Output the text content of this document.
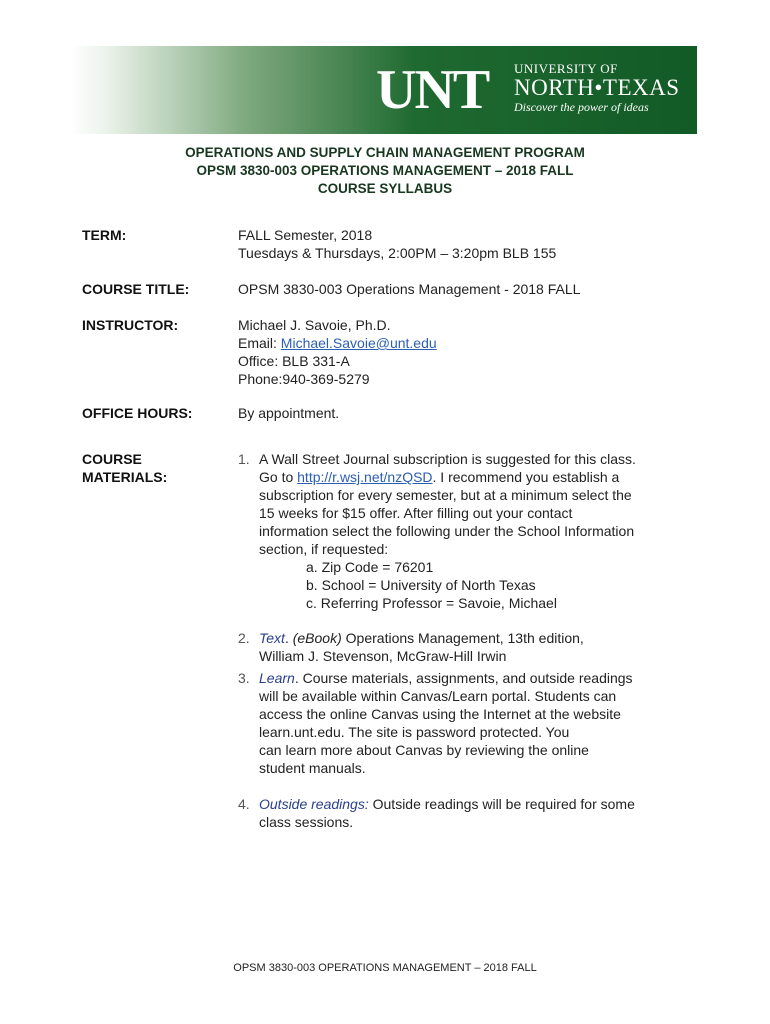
UNT UNIVERSITY OF
NORTH•TEXAS
Discover the power of ideas
OPERATIONS AND SUPPLY CHAIN MANAGEMENT PROGRAM
OPSM 3830-003 OPERATIONS MANAGEMENT – 2018 FALL
COURSE SYLLABUS
TERM:	FALL Semester, 2018
Tuesdays & Thursdays, 2:00PM – 3:20pm BLB 155
COURSE TITLE:	OPSM 3830-003 Operations Management - 2018 FALL
INSTRUCTOR:	Michael J. Savoie, Ph.D.
Email: Michael.Savoie@unt.edu
Office: BLB 331-A
Phone:940-369-5279
OFFICE HOURS:	By appointment.
COURSE
MATERIALS:
1. A Wall Street Journal subscription is suggested for this class.

Go to http://r.wsj.net/nzQSD. I recommend you establish a

subscription for every semester, but at a minimum select the

15 weeks for $15 offer. After filling out your contact

information select the following under the School Information

section, if requested:

a. Zip Code = 76201
b. School = University of North Texas
c. Referring Professor = Savoie, Michael
2. Text. (eBook) Operations Management, 13th edition,

William J. Stevenson, McGraw-Hill Irwin

3. Learn. Course materials, assignments, and outside readings

will be available within Canvas/Learn portal. Students can

access the online Canvas using the Internet at the website

learn.unt.edu. The site is password protected. You

can learn more about Canvas by reviewing the online

student manuals.

4. Outside readings: Outside readings will be required for some

class sessions.

OPSM 3830-003 OPERATIONS MANAGEMENT – 2018 FALL
